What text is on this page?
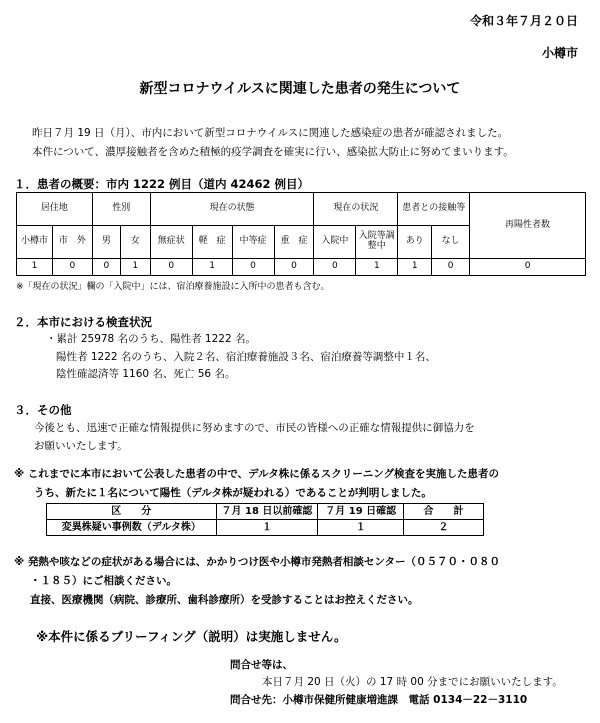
令和３年７月２０日
小樽市
新型コロナウイルスに関連した患者の発生について
昨日７月 19 日（月）、市内において新型コロナウイルスに関連した感染症の患者が確認されました。
本件について、濃厚接触者を含めた積極的疫学調査を確実に行い、感染拡大防止に努めてまいります。
１．患者の概要：市内 1222 例目（道内 42462 例目）
居住地		性別		現在の状態				現在の状況		患者との接触等		再陽性者数
小樽市	市　外	男	女	無症状	軽　症	中等症	重　症	入院中	入院等調整中	あり	なし	
1	0	0	1	0	1	0	0	0	1	1	0	0
※「現在の状況」欄の「入院中」には、宿泊療養施設に入所中の患者も含む。
２．本市における検査状況
・累計 25978 名のうち、陽性者 1222 名。
陽性者 1222 名のうち、入院２名、宿泊療養施設３名、宿泊療養等調整中１名、
陰性確認済等 1160 名、死亡 56 名。
３．その他
今後とも、迅速で正確な情報提供に努めますので、市民の皆様への正確な情報提供に御協力を
お願いいたします。
※ これまでに本市において公表した患者の中で、デルタ株に係るスクリーニング検査を実施した患者の
うち、新たに１名について陽性（デルタ株が疑われる）であることが判明しました。
区　　分	７月 18 日以前確認	７月 19 日確認	合　　計
変異株疑い事例数（デルタ株）	１	１	２
※ 発熱や咳などの症状がある場合には、かかりつけ医や小樽市発熱者相談センター（０５７０・０８０
・１８５）にご相談ください。
直接、医療機関（病院、診療所、歯科診療所）を受診することはお控えください。
※本件に係るブリーフィング（説明）は実施しません。
問合せ等は、
本日７月 20 日（火）の 17 時 00 分までにお願いいたします。
問合せ先：小樽市保健所健康増進課　電話 0134－22－3110
